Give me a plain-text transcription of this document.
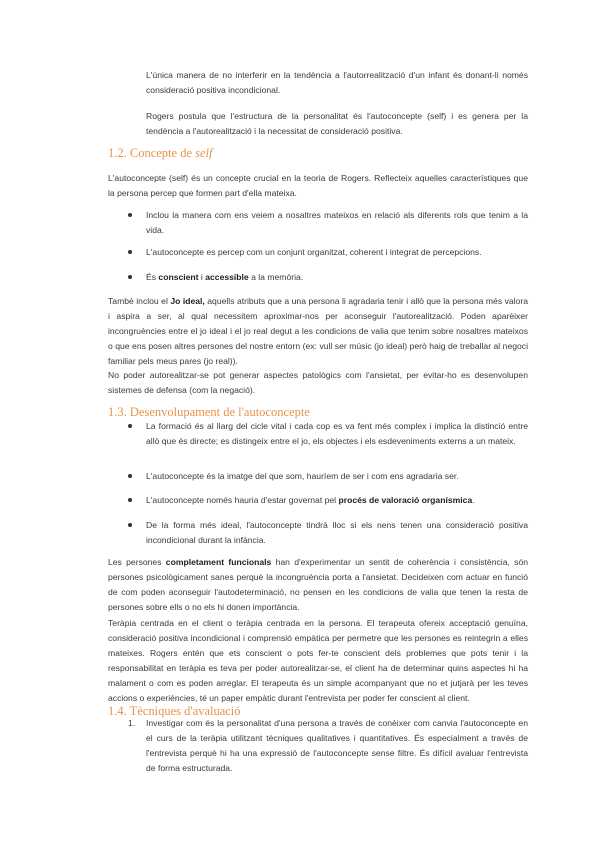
L'única manera de no interferir en la tendència a l'autorrealització d'un infant és donant-li només consideració positiva incondicional.

Rogers postula que l'estructura de la personalitat és l'autoconcepte (self) i es genera per la tendència a l'autorealització i la necessitat de consideració positiva.

1.2. Concepte de self

L'autoconcepte (self) és un concepte crucial en la teoria de Rogers. Reflecteix aquelles característiques que la persona percep que formen part d'ella mateixa.

Inclou la manera com ens veiem a nosaltres mateixos en relació als diferents rols que tenim a la vida.

L'autoconcepte es percep com un conjunt organitzat, coherent i integrat de percepcions.

És conscient i accessible a la memòria.

També inclou el Jo ideal, aquells atributs que a una persona li agradaria tenir i allò que la persona més valora i aspira a ser, al qual necessitem aproximar-nos per aconseguir l'autorealització. Poden aparèixer incongruències entre el jo ideal i el jo real degut a les condicions de valia que tenim sobre nosaltres mateixos o que ens posen altres persones del nostre entorn (ex: vull ser músic (jo ideal) però haig de treballar al negoci familiar pels meus pares (jo real)).

No poder autorealitzar-se pot generar aspectes patològics com l'ansietat, per evitar-ho es desenvolupen sistemes de defensa (com la negació).

1.3. Desenvolupament de l'autoconcepte

La formació és al llarg del cicle vital i cada cop es va fent més complex i implica la distinció entre allò que és directe; es distingeix entre el jo, els objectes i els esdeveniments externs a un mateix.

L'autoconcepte és la imatge del que som, hauríem de ser i com ens agradaria ser.

L'autoconcepte només hauria d'estar governat pel procés de valoració organísmica.

De la forma més ideal, l'autoconcepte tindrà lloc si els nens tenen una consideració positiva incondicional durant la infància.

Les persones completament funcionals han d'experimentar un sentit de coherència i consistència, són persones psicològicament sanes perquè la incongruència porta a l'ansietat. Decideixen com actuar en funció de com poden aconseguir l'autodeterminació, no pensen en les condicions de valia que tenen la resta de persones sobre ells o no els hi donen importància.

Teràpia centrada en el client o teràpia centrada en la persona. El terapeuta ofereix acceptació genuïna, consideració positiva incondicional i comprensió empàtica per permetre que les persones es reintegrin a elles mateixes. Rogers entén que ets conscient o pots fer-te conscient dels problemes que pots tenir i la responsabilitat en teràpia es teva per poder autorealitzar-se, el client ha de determinar quins aspectes hi ha malament o com es poden arreglar. El terapeuta és un simple acompanyant que no et jutjarà per les teves accions o experiències, té un paper empàtic durant l'entrevista per poder fer conscient al client.

1.4. Tècniques d'avaluació
1. Investigar com és la personalitat d'una persona a través de conèixer com canvia l'autoconcepte en el curs de la teràpia utilitzant tècniques qualitatives i quantitatives. És especialment a través de l'entrevista perquè hi ha una expressió de l'autoconcepte sense filtre. És difícil avaluar l'entrevista de forma estructurada.
